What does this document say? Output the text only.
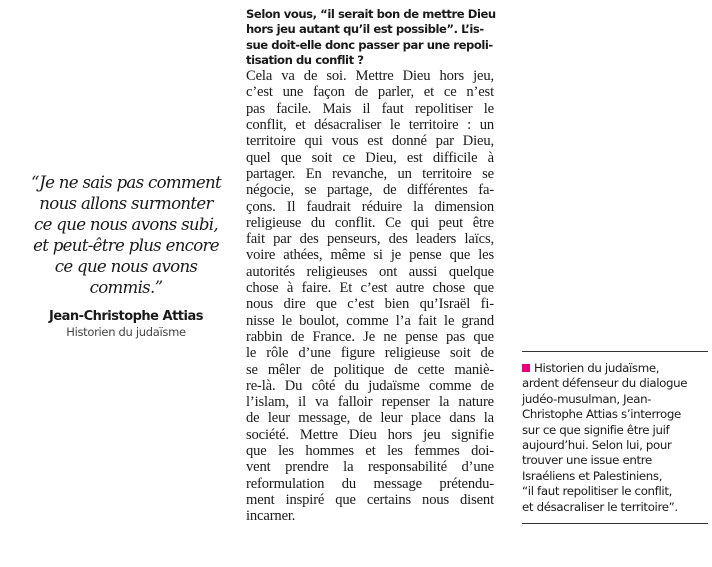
“Je ne sais pas comment
nous allons surmonter
ce que nous avons subi,
et peut-être plus encore
ce que nous avons
commis.”

Jean-Christophe Attias
Historien du judaïsme

Selon vous, “il serait bon de mettre Dieu
hors jeu autant qu’il est possible”. L’is-
sue doit-elle donc passer par une repoli-
tisation du conflit ?

Cela va de soi. Mettre Dieu hors jeu,
c’est une façon de parler, et ce n’est
pas facile. Mais il faut repolitiser le
conflit, et désacraliser le territoire : un
territoire qui vous est donné par Dieu,
quel que soit ce Dieu, est difficile à
partager. En revanche, un territoire se
négocie, se partage, de différentes fa-
çons. Il faudrait réduire la dimension
religieuse du conflit. Ce qui peut être
fait par des penseurs, des leaders laïcs,
voire athées, même si je pense que les
autorités religieuses ont aussi quelque
chose à faire. Et c’est autre chose que
nous dire que c’est bien qu’Israël fi-
nisse le boulot, comme l’a fait le grand
rabbin de France. Je ne pense pas que
le rôle d’une figure religieuse soit de
se mêler de politique de cette maniè-
re-là. Du côté du judaïsme comme de
l’islam, il va falloir repenser la nature
de leur message, de leur place dans la
société. Mettre Dieu hors jeu signifie
que les hommes et les femmes doi-
vent prendre la responsabilité d’une
reformulation du message prétendu-
ment inspiré que certains nous disent
incarner.

Historien du judaïsme,
ardent défenseur du dialogue
judéo-musulman, Jean-
Christophe Attias s’interroge
sur ce que signifie être juif
aujourd’hui. Selon lui, pour
trouver une issue entre
Israéliens et Palestiniens,
“il faut repolitiser le conflit,
et désacraliser le territoire”.
